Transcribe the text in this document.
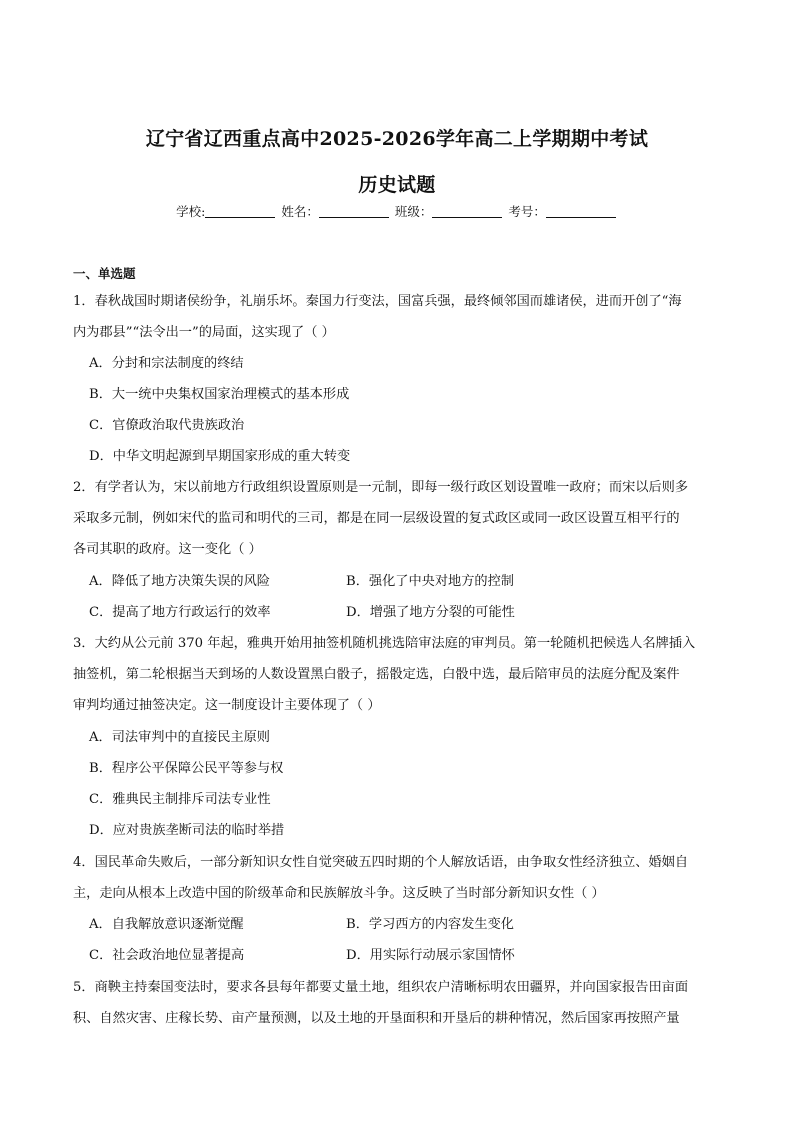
辽宁省辽西重点高中2025-2026学年高二上学期期中考试
历史试题
学校:	姓名：	班级：	考号：
一、单选题
1．春秋战国时期诸侯纷争，礼崩乐坏。秦国力行变法，国富兵强，最终倾邻国而雄诸侯，进而开创了“海
内为郡县”“法令出一”的局面，这实现了（ ）
A．分封和宗法制度的终结
B．大一统中央集权国家治理模式的基本形成
C．官僚政治取代贵族政治
D．中华文明起源到早期国家形成的重大转变
2．有学者认为，宋以前地方行政组织设置原则是一元制，即每一级行政区划设置唯一政府；而宋以后则多
采取多元制，例如宋代的监司和明代的三司，都是在同一层级设置的复式政区或同一政区设置互相平行的
各司其职的政府。这一变化（ ）
A．降低了地方决策失误的风险	B．强化了中央对地方的控制
C．提高了地方行政运行的效率	D．增强了地方分裂的可能性
3．大约从公元前 370 年起，雅典开始用抽签机随机挑选陪审法庭的审判员。第一轮随机把候选人名牌插入
抽签机，第二轮根据当天到场的人数设置黑白骰子，摇骰定选，白骰中选，最后陪审员的法庭分配及案件
审判均通过抽签决定。这一制度设计主要体现了（ ）
A．司法审判中的直接民主原则
B．程序公平保障公民平等参与权
C．雅典民主制排斥司法专业性
D．应对贵族垄断司法的临时举措
4．国民革命失败后，一部分新知识女性自觉突破五四时期的个人解放话语，由争取女性经济独立、婚姻自
主，走向从根本上改造中国的阶级革命和民族解放斗争。这反映了当时部分新知识女性（ ）
A．自我解放意识逐渐觉醒	B．学习西方的内容发生变化
C．社会政治地位显著提高	D．用实际行动展示家国情怀
5．商鞅主持秦国变法时，要求各县每年都要丈量土地，组织农户清晰标明农田疆界，并向国家报告田亩面
积、自然灾害、庄稼长势、亩产量预测，以及土地的开垦面积和开垦后的耕种情况，然后国家再按照产量
